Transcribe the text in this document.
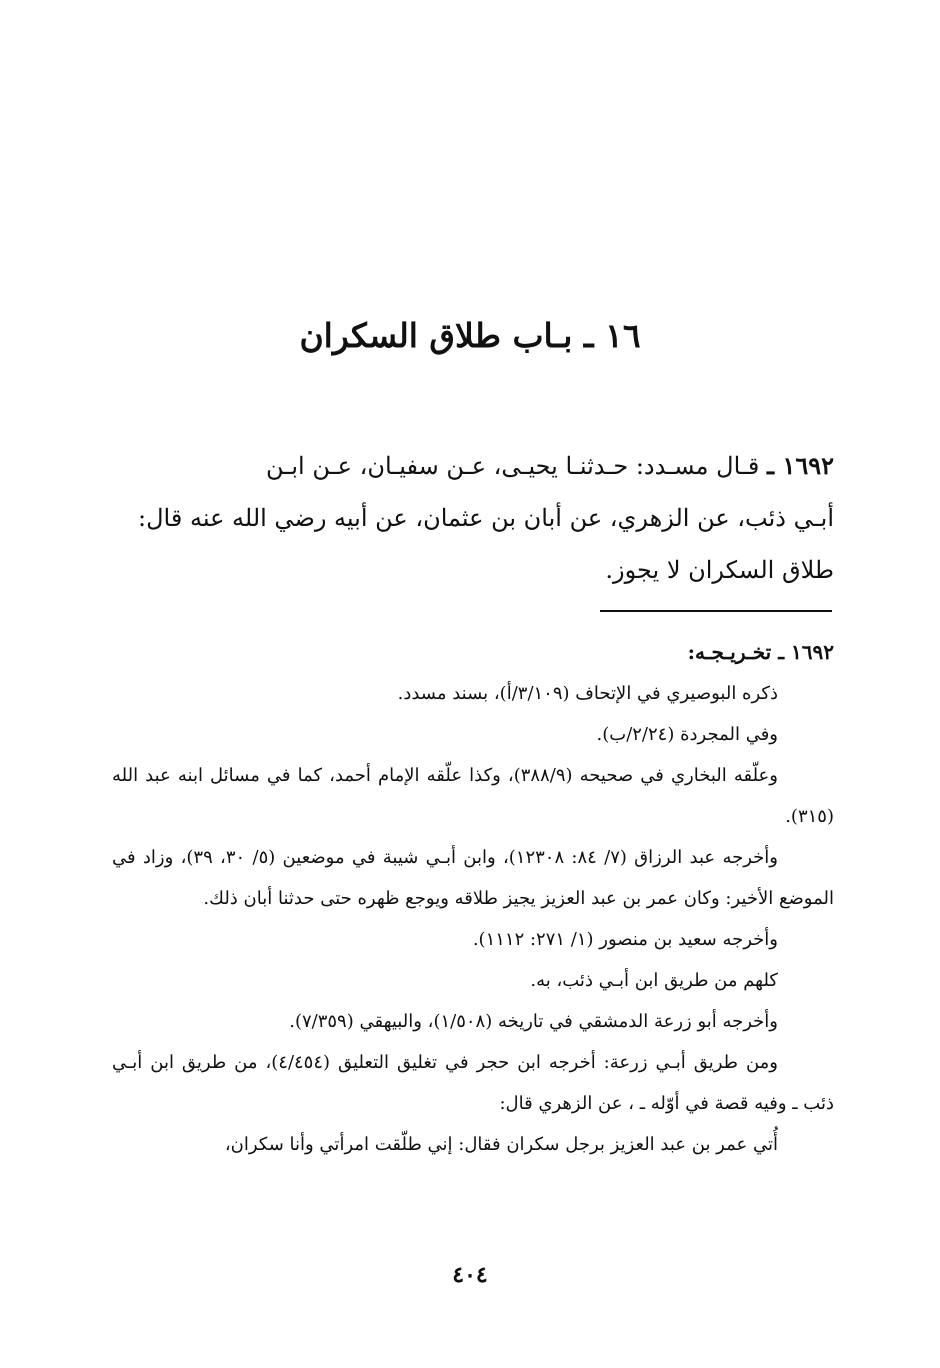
١٦ ـ بـاب طلاق السكران

١٦٩٢ ـ قـال مسـدد: حـدثنـا يحيـى، عـن سفيـان، عـن ابـن

أبـي ذئب، عن الزهري، عن أبان بن عثمان، عن أبيه رضي الله عنه قال:

طلاق السكران لا يجوز.

١٦٩٢ ـ تخـريـجـه:

ذكره البوصيري في الإتحاف (٣/١٠٩/أ)، بسند مسدد.

وفي المجردة (٢/٢٤/ب).

وعلّقه البخاري في صحيحه (٣٨٨/٩)، وكذا علّقه الإمام أحمد، كما في مسائل ابنه عبد الله (٣١٥).

وأخرجه عبد الرزاق (٧/ ٨٤: ١٢٣٠٨)، وابن أبـي شيبة في موضعين (٥/ ٣٠، ٣٩)، وزاد في الموضع الأخير: وكان عمر بن عبد العزيز يجيز طلاقه ويوجع ظهره حتى حدثنا أبان ذلك.

وأخرجه سعيد بن منصور (١/ ٢٧١: ١١١٢).

كلهم من طريق ابن أبـي ذئب، به.

وأخرجه أبو زرعة الدمشقي في تاريخه (١/٥٠٨)، والبيهقي (٧/٣٥٩).

ومن طريق أبـي زرعة: أخرجه ابن حجر في تغليق التعليق (٤/٤٥٤)، من طريق ابن أبـي ذئب ـ وفيه قصة في أوّله ـ ، عن الزهري قال:

أُتي عمر بن عبد العزيز برجل سكران فقال: إني طلّقت امرأتي وأنا سكران،

٤٠٤
